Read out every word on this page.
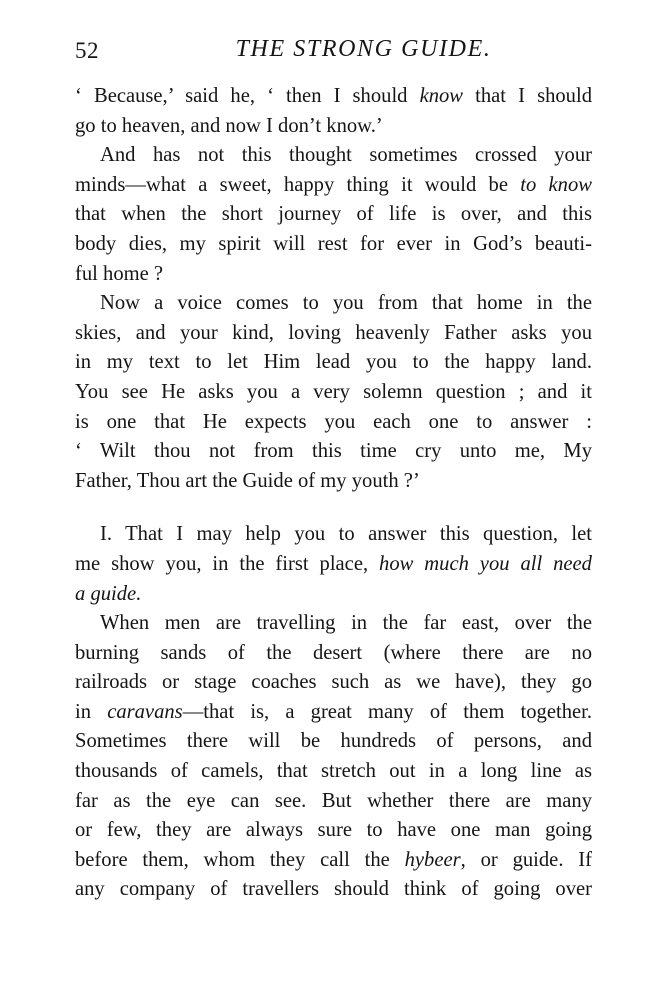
52	THE STRONG GUIDE.
‘ Because,’ said he, ‘ then I should know that I should
go to heaven, and now I don’t know.’
And has not this thought sometimes crossed your
minds—what a sweet, happy thing it would be to know
that when the short journey of life is over, and this
body dies, my spirit will rest for ever in God’s beauti-
ful home ?
Now a voice comes to you from that home in the
skies, and your kind, loving heavenly Father asks you
in my text to let Him lead you to the happy land.
You see He asks you a very solemn question ; and it
is one that He expects you each one to answer :
‘ Wilt thou not from this time cry unto me, My
Father, Thou art the Guide of my youth ?’
I. That I may help you to answer this question, let
me show you, in the first place, how much you all need
a guide.
When men are travelling in the far east, over the
burning sands of the desert (where there are no
railroads or stage coaches such as we have), they go
in caravans—that is, a great many of them together.
Sometimes there will be hundreds of persons, and
thousands of camels, that stretch out in a long line as
far as the eye can see. But whether there are many
or few, they are always sure to have one man going
before them, whom they call the hybeer, or guide. If
any company of travellers should think of going over
